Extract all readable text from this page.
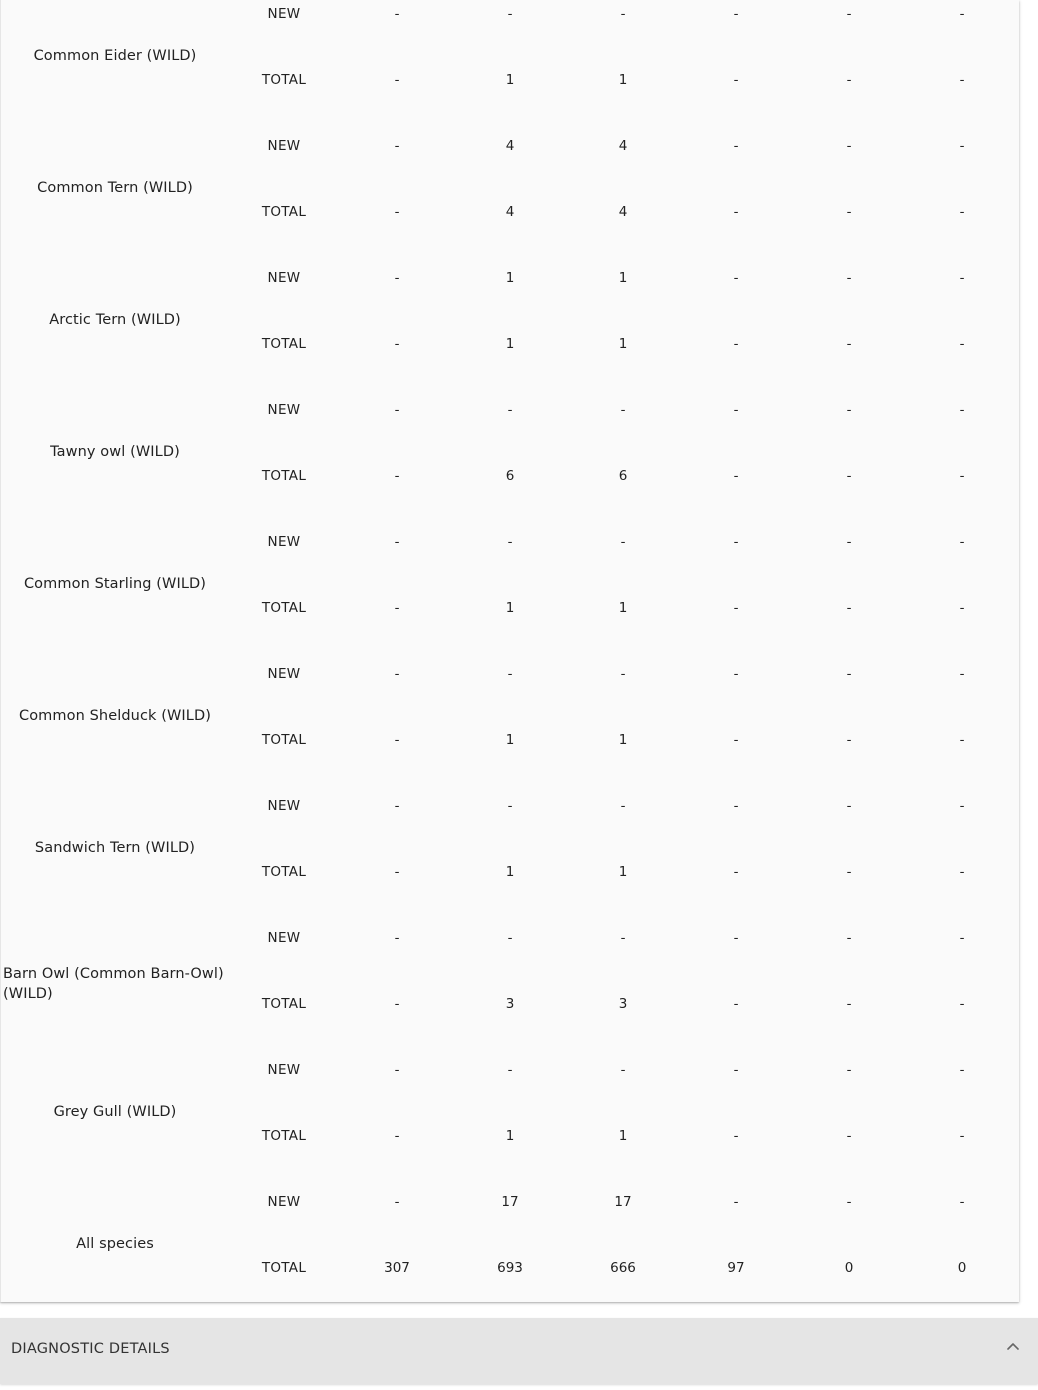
Common Eider (WILD)
NEW	-	-	-	-	-	-
TOTAL	-	1	1	-	-	-
Common Tern (WILD)
NEW	-	4	4	-	-	-
TOTAL	-	4	4	-	-	-
Arctic Tern (WILD)
NEW	-	1	1	-	-	-
TOTAL	-	1	1	-	-	-
Tawny owl (WILD)
NEW	-	-	-	-	-	-
TOTAL	-	6	6	-	-	-
Common Starling (WILD)
NEW	-	-	-	-	-	-
TOTAL	-	1	1	-	-	-
Common Shelduck (WILD)
NEW	-	-	-	-	-	-
TOTAL	-	1	1	-	-	-
Sandwich Tern (WILD)
NEW	-	-	-	-	-	-
TOTAL	-	1	1	-	-	-
Barn Owl (Common Barn-Owl) (WILD)
NEW	-	-	-	-	-	-
TOTAL	-	3	3	-	-	-
Grey Gull (WILD)
NEW	-	-	-	-	-	-
TOTAL	-	1	1	-	-	-
All species
NEW	-	17	17	-	-	-
TOTAL	307	693	666	97	0	0
DIAGNOSTIC DETAILS
